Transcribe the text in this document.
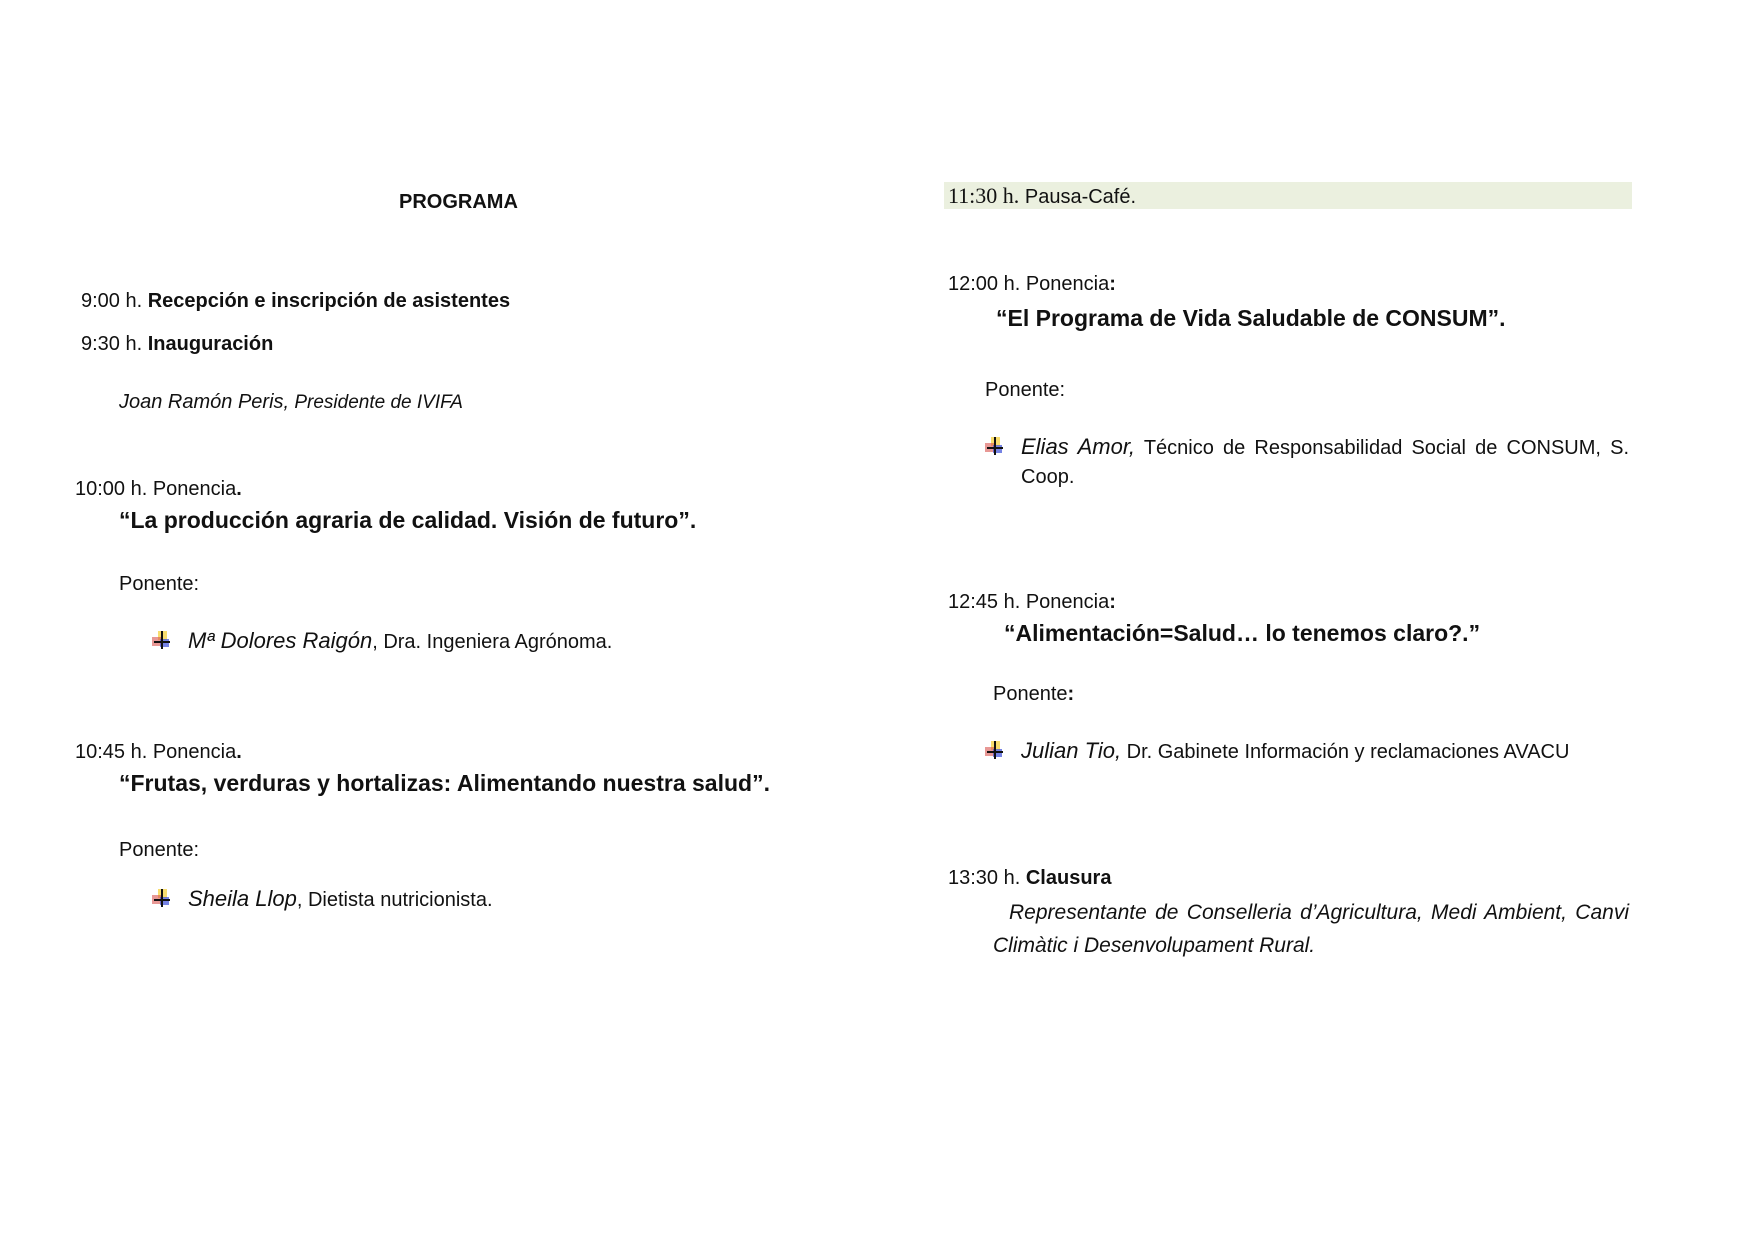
PROGRAMA
9:00 h. Recepción e inscripción de asistentes
9:30 h. Inauguración
Joan Ramón Peris, Presidente de IVIFA
10:00 h. Ponencia.
“La producción agraria de calidad. Visión de futuro”.
Ponente:
Mª Dolores Raigón, Dra. Ingeniera Agrónoma.
10:45 h. Ponencia.
“Frutas, verduras y hortalizas: Alimentando nuestra salud”.
Ponente:
Sheila Llop, Dietista nutricionista.
11:30 h. Pausa-Café.
12:00 h. Ponencia:
“El Programa de Vida Saludable de CONSUM”.
Ponente:
Elias Amor, Técnico de Responsabilidad Social de CONSUM, S. Coop.
12:45 h. Ponencia:
“Alimentación=Salud… lo tenemos claro?.”
Ponente:
Julian Tio, Dr. Gabinete Información y reclamaciones AVACU
13:30 h. Clausura
Representante de Conselleria d’Agricultura, Medi Ambient, Canvi Climàtic i Desenvolupament Rural.
